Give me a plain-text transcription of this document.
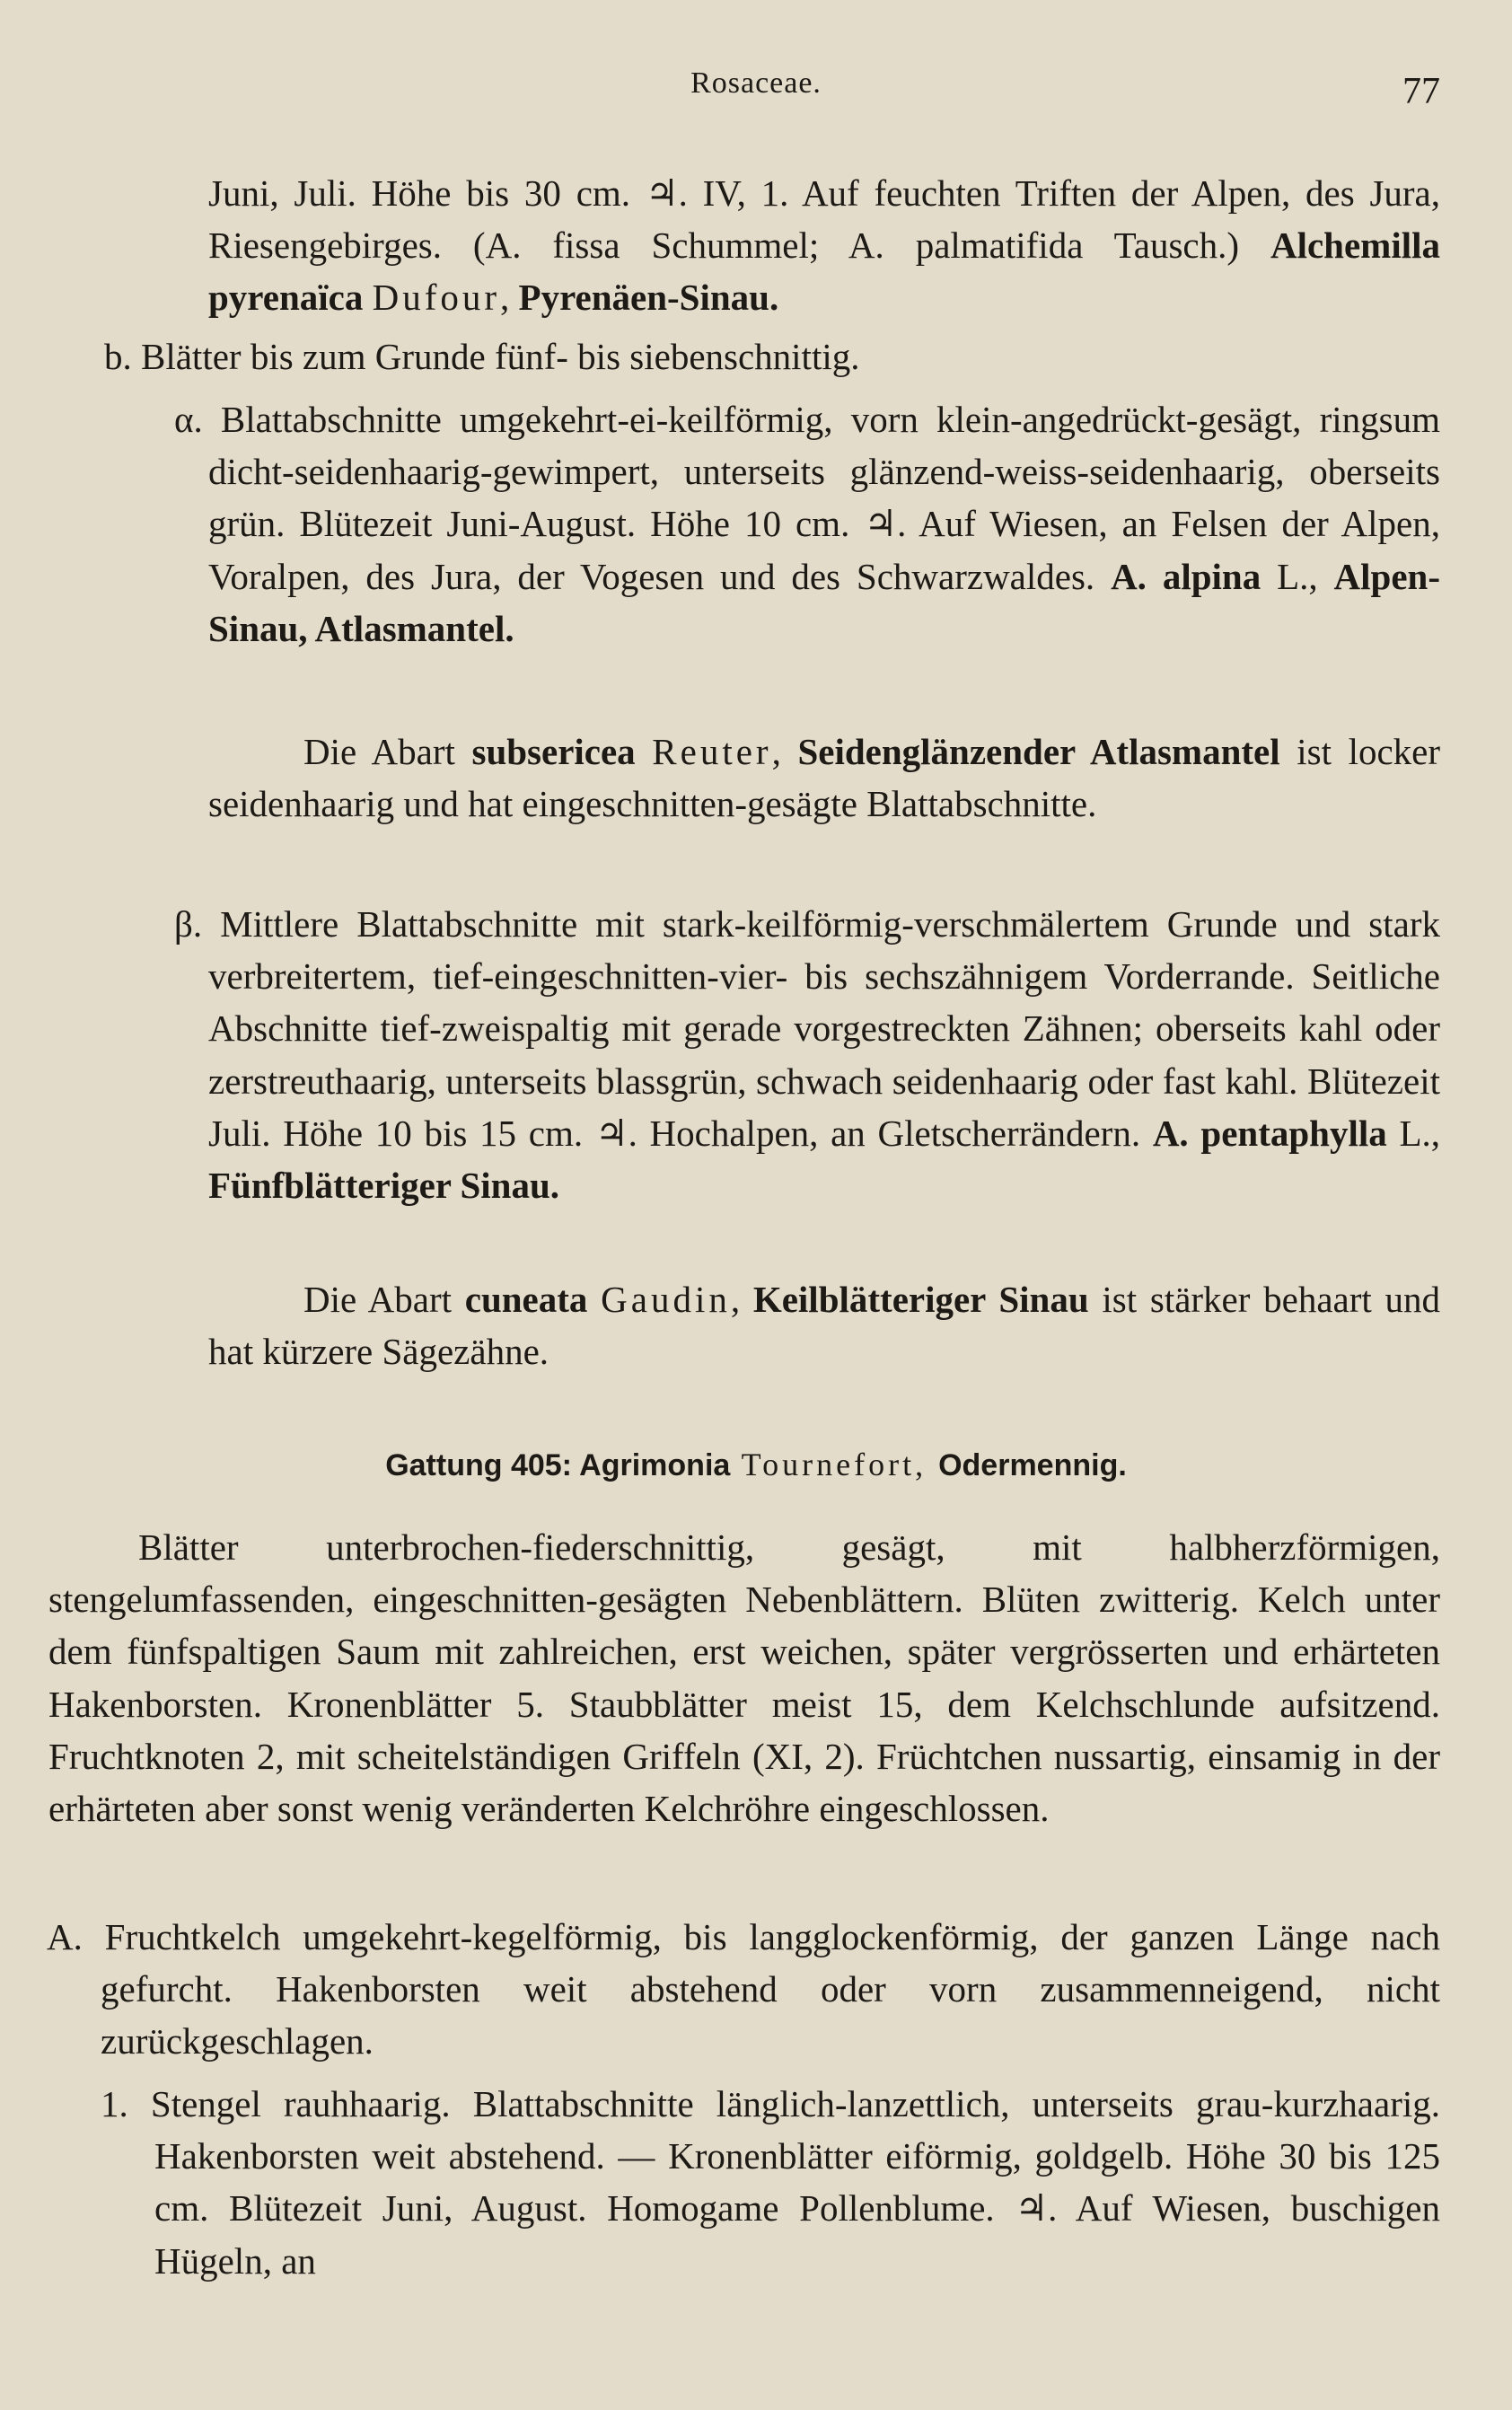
Rosaceae.	77

Juni, Juli. Höhe bis 30 cm. ♃. IV, 1. Auf feuchten Triften der Alpen, des Jura, Riesengebirges. (A. fissa Schummel; A. palmatifida Tausch.) Alchemilla pyrenaïca Dufour, Pyrenäen-Sinau.

b. Blätter bis zum Grunde fünf- bis siebenschnittig.

α. Blattabschnitte umgekehrt-ei-keilförmig, vorn klein-angedrückt-gesägt, ringsum dicht-seidenhaarig-gewimpert, unterseits glänzend-weiss-seidenhaarig, oberseits grün. Blütezeit Juni-August. Höhe 10 cm. ♃. Auf Wiesen, an Felsen der Alpen, Voralpen, des Jura, der Vogesen und des Schwarzwaldes. A. alpina L., Alpen-Sinau, Atlasmantel.

Die Abart subsericea Reuter, Seidenglänzender Atlasmantel ist locker seidenhaarig und hat eingeschnitten-gesägte Blattabschnitte.

β. Mittlere Blattabschnitte mit stark-keilförmig-verschmälertem Grunde und stark verbreitertem, tief-eingeschnitten-vier- bis sechszähnigem Vorderrande. Seitliche Abschnitte tief-zweispaltig mit gerade vorgestreckten Zähnen; oberseits kahl oder zerstreuthaarig, unterseits blassgrün, schwach seidenhaarig oder fast kahl. Blütezeit Juli. Höhe 10 bis 15 cm. ♃. Hochalpen, an Gletscherrändern. A. pentaphylla L., Fünfblätteriger Sinau.

Die Abart cuneata Gaudin, Keilblätteriger Sinau ist stärker behaart und hat kürzere Sägezähne.

Gattung 405: Agrimonia Tournefort, Odermennig.

Blätter unterbrochen-fiederschnittig, gesägt, mit halbherzförmigen, stengelumfassenden, eingeschnitten-gesägten Nebenblättern. Blüten zwitterig. Kelch unter dem fünfspaltigen Saum mit zahlreichen, erst weichen, später vergrösserten und erhärteten Hakenborsten. Kronenblätter 5. Staubblätter meist 15, dem Kelchschlunde aufsitzend. Fruchtknoten 2, mit scheitelständigen Griffeln (XI, 2). Früchtchen nussartig, einsamig in der erhärteten aber sonst wenig veränderten Kelchröhre eingeschlossen.

A. Fruchtkelch umgekehrt-kegelförmig, bis langglockenförmig, der ganzen Länge nach gefurcht. Hakenborsten weit abstehend oder vorn zusammenneigend, nicht zurückgeschlagen.

1. Stengel rauhhaarig. Blattabschnitte länglich-lanzettlich, unterseits grau-kurzhaarig. Hakenborsten weit abstehend. — Kronenblätter eiförmig, goldgelb. Höhe 30 bis 125 cm. Blütezeit Juni, August. Homogame Pollenblume. ♃. Auf Wiesen, buschigen Hügeln, an
